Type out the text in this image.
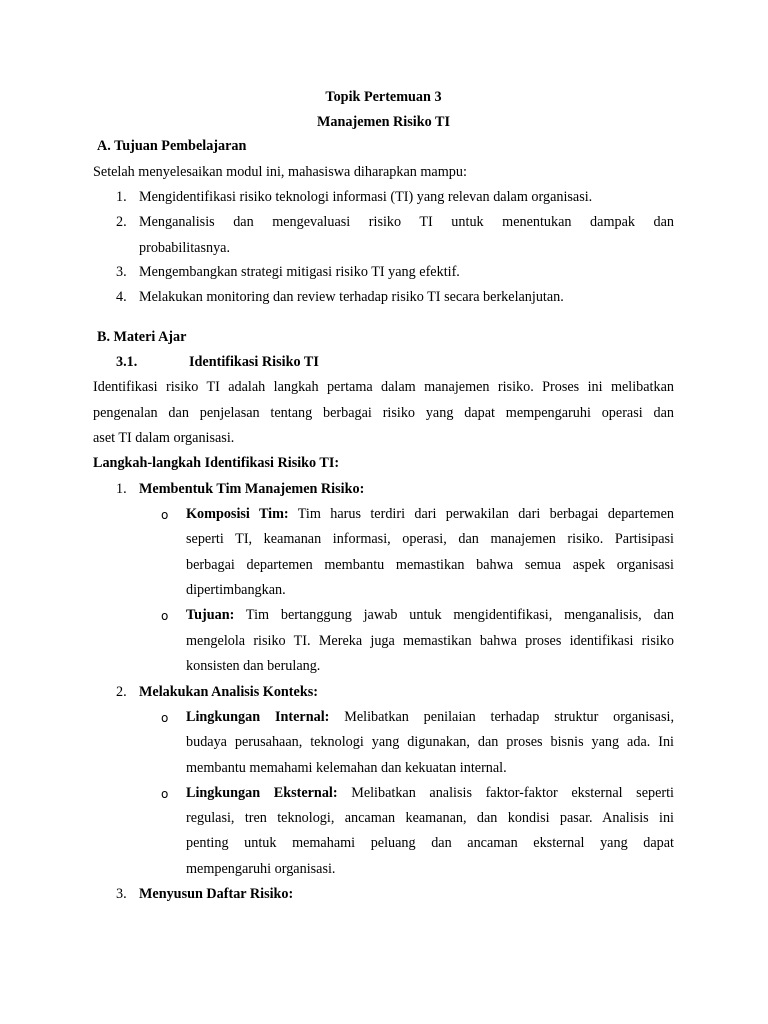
Topik Pertemuan 3
Manajemen Risiko TI
A. Tujuan Pembelajaran
Setelah menyelesaikan modul ini, mahasiswa diharapkan mampu:
1. Mengidentifikasi risiko teknologi informasi (TI) yang relevan dalam organisasi.
2. Menganalisis dan mengevaluasi risiko TI untuk menentukan dampak dan
probabilitasnya.
3. Mengembangkan strategi mitigasi risiko TI yang efektif.
4. Melakukan monitoring dan review terhadap risiko TI secara berkelanjutan.
B. Materi Ajar
3.1.	Identifikasi Risiko TI
Identifikasi risiko TI adalah langkah pertama dalam manajemen risiko. Proses ini melibatkan
pengenalan dan penjelasan tentang berbagai risiko yang dapat mempengaruhi operasi dan
aset TI dalam organisasi.
Langkah-langkah Identifikasi Risiko TI:
1. Membentuk Tim Manajemen Risiko:
o	Komposisi Tim: Tim harus terdiri dari perwakilan dari berbagai departemen
seperti TI, keamanan informasi, operasi, dan manajemen risiko. Partisipasi
berbagai departemen membantu memastikan bahwa semua aspek organisasi
dipertimbangkan.
o	Tujuan: Tim bertanggung jawab untuk mengidentifikasi, menganalisis, dan
mengelola risiko TI. Mereka juga memastikan bahwa proses identifikasi risiko
konsisten dan berulang.
2. Melakukan Analisis Konteks:
o	Lingkungan Internal: Melibatkan penilaian terhadap struktur organisasi,
budaya perusahaan, teknologi yang digunakan, dan proses bisnis yang ada. Ini
membantu memahami kelemahan dan kekuatan internal.
o	Lingkungan Eksternal: Melibatkan analisis faktor-faktor eksternal seperti
regulasi, tren teknologi, ancaman keamanan, dan kondisi pasar. Analisis ini
penting untuk memahami peluang dan ancaman eksternal yang dapat
mempengaruhi organisasi.
3. Menyusun Daftar Risiko:
